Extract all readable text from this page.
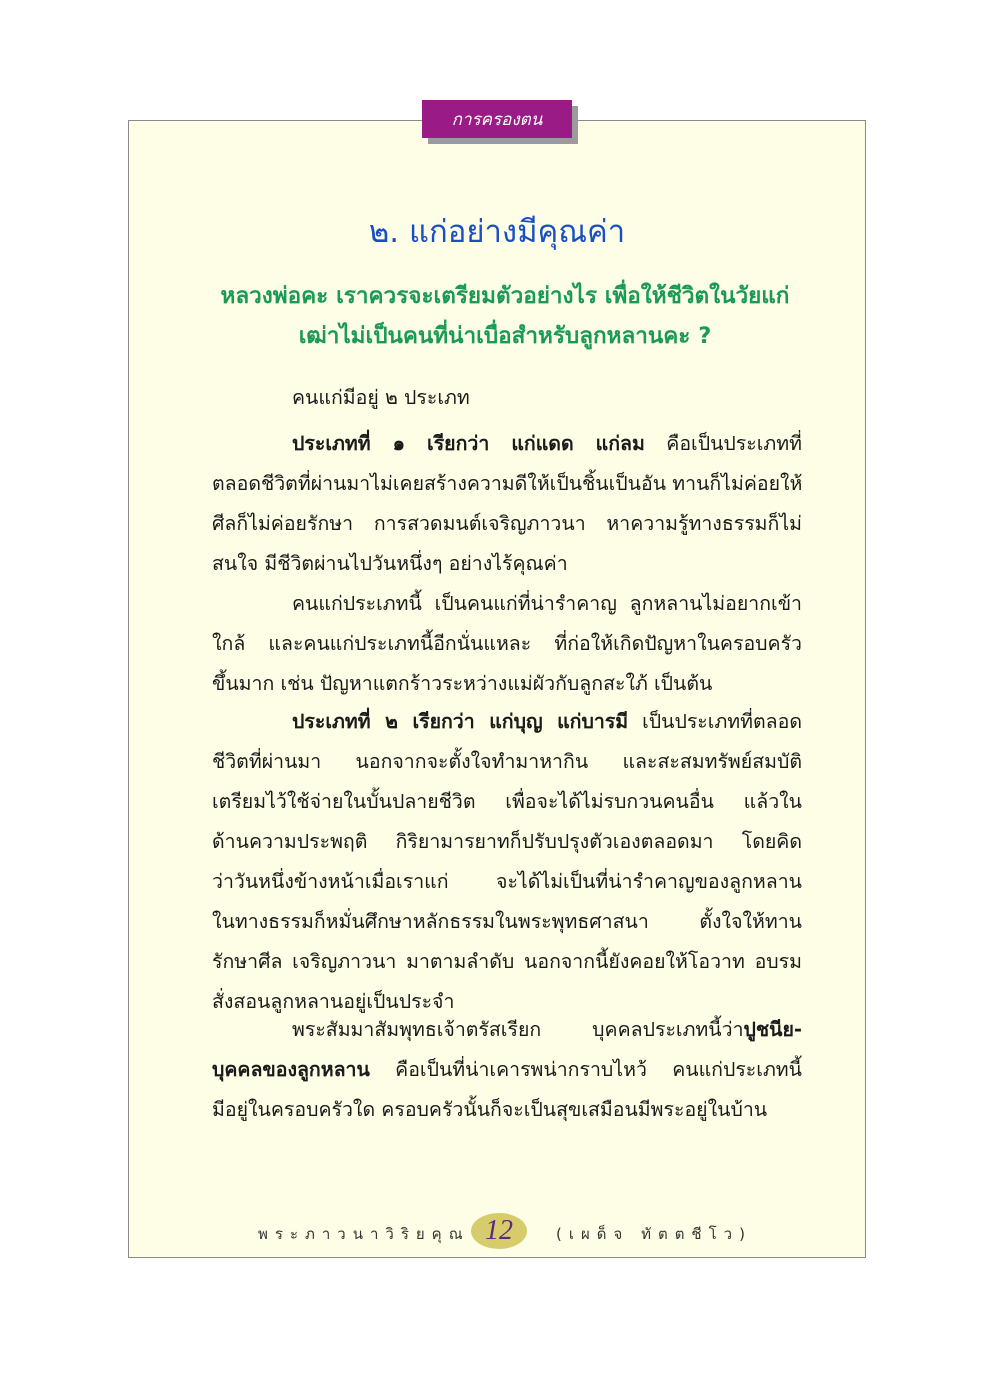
การครองตน
๒. แก่อย่างมีคุณค่า
หลวงพ่อคะ เราควรจะเตรียมตัวอย่างไร เพื่อให้ชีวิตในวัยแก่
เฒ่าไม่เป็นคนที่น่าเบื่อสำหรับลูกหลานคะ ?
คนแก่มีอยู่ ๒ ประเภท
ประเภทที่ ๑ เรียกว่า แก่แดด แก่ลม คือเป็นประเภทที่
ตลอดชีวิตที่ผ่านมาไม่เคยสร้างความดีให้เป็นชิ้นเป็นอัน ทานก็ไม่ค่อยให้
ศีลก็ไม่ค่อยรักษา การสวดมนต์เจริญภาวนา หาความรู้ทางธรรมก็ไม่
สนใจ มีชีวิตผ่านไปวันหนึ่งๆ อย่างไร้คุณค่า
คนแก่ประเภทนี้ เป็นคนแก่ที่น่ารำคาญ ลูกหลานไม่อยากเข้า
ใกล้ และคนแก่ประเภทนี้อีกนั่นแหละ ที่ก่อให้เกิดปัญหาในครอบครัว
ขึ้นมาก เช่น ปัญหาแตกร้าวระหว่างแม่ผัวกับลูกสะใภ้ เป็นต้น
ประเภทที่ ๒ เรียกว่า แก่บุญ แก่บารมี เป็นประเภทที่ตลอด
ชีวิตที่ผ่านมา นอกจากจะตั้งใจทำมาหากิน และสะสมทรัพย์สมบัติ
เตรียมไว้ใช้จ่ายในบั้นปลายชีวิต เพื่อจะได้ไม่รบกวนคนอื่น แล้วใน
ด้านความประพฤติ กิริยามารยาทก็ปรับปรุงตัวเองตลอดมา โดยคิด
ว่าวันหนึ่งข้างหน้าเมื่อเราแก่ จะได้ไม่เป็นที่น่ารำคาญของลูกหลาน
ในทางธรรมก็หมั่นศึกษาหลักธรรมในพระพุทธศาสนา ตั้งใจให้ทาน
รักษาศีล เจริญภาวนา มาตามลำดับ นอกจากนี้ยังคอยให้โอวาท อบรม
สั่งสอนลูกหลานอยู่เป็นประจำ
พระสัมมาสัมพุทธเจ้าตรัสเรียก บุคคลประเภทนี้ว่าปูชนีย-
บุคคลของลูกหลาน คือเป็นที่น่าเคารพน่ากราบไหว้ คนแก่ประเภทนี้
มีอยู่ในครอบครัวใด ครอบครัวนั้นก็จะเป็นสุขเสมือนมีพระอยู่ในบ้าน
พระภาวนาวิริยคุณ 12	(เผด็จ ทัตตชีโว)
